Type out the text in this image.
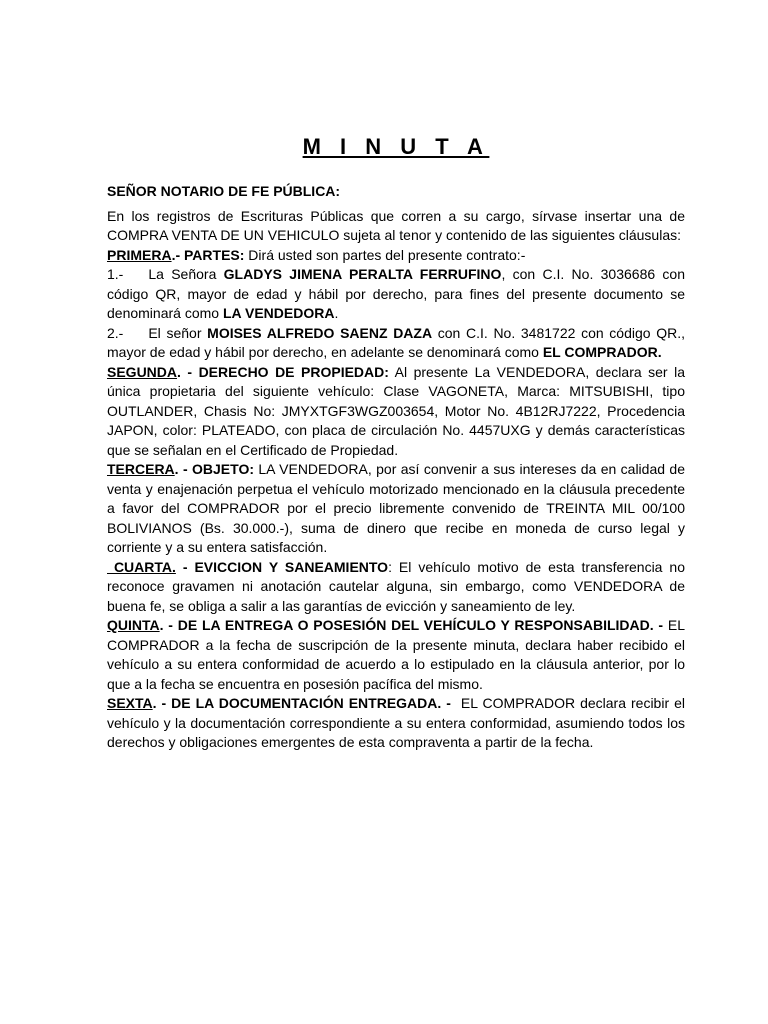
M I N U T A
SEÑOR NOTARIO DE FE PÚBLICA:

En los registros de Escrituras Públicas que corren a su cargo, sírvase insertar una de COMPRA VENTA DE UN VEHICULO sujeta al tenor y contenido de las siguientes cláusulas:

PRIMERA.- PARTES: Dirá usted son partes del presente contrato:-

1.- La Señora GLADYS JIMENA PERALTA FERRUFINO, con C.I. No. 3036686 con código QR, mayor de edad y hábil por derecho, para fines del presente documento se denominará como LA VENDEDORA.

2.- El señor MOISES ALFREDO SAENZ DAZA con C.I. No. 3481722 con código QR., mayor de edad y hábil por derecho, en adelante se denominará como EL COMPRADOR.

SEGUNDA. - DERECHO DE PROPIEDAD: Al presente La VENDEDORA, declara ser la única propietaria del siguiente vehículo: Clase VAGONETA, Marca: MITSUBISHI, tipo OUTLANDER, Chasis No: JMYXTGF3WGZ003654, Motor No. 4B12RJ7222, Procedencia JAPON, color: PLATEADO, con placa de circulación No. 4457UXG y demás características que se señalan en el Certificado de Propiedad.

TERCERA. - OBJETO: LA VENDEDORA, por así convenir a sus intereses da en calidad de venta y enajenación perpetua el vehículo motorizado mencionado en la cláusula precedente a favor del COMPRADOR por el precio libremente convenido de TREINTA MIL 00/100 BOLIVIANOS (Bs. 30.000.-), suma de dinero que recibe en moneda de curso legal y corriente y a su entera satisfacción.

CUARTA. - EVICCION Y SANEAMIENTO: El vehículo motivo de esta transferencia no reconoce gravamen ni anotación cautelar alguna, sin embargo, como VENDEDORA de buena fe, se obliga a salir a las garantías de evicción y saneamiento de ley.

QUINTA. - DE LA ENTREGA O POSESIÓN DEL VEHÍCULO Y RESPONSABILIDAD. - EL COMPRADOR a la fecha de suscripción de la presente minuta, declara haber recibido el vehículo a su entera conformidad de acuerdo a lo estipulado en la cláusula anterior, por lo que a la fecha se encuentra en posesión pacífica del mismo.

SEXTA. - DE LA DOCUMENTACIÓN ENTREGADA. -  EL COMPRADOR declara recibir el vehículo y la documentación correspondiente a su entera conformidad, asumiendo todos los derechos y obligaciones emergentes de esta compraventa a partir de la fecha.
